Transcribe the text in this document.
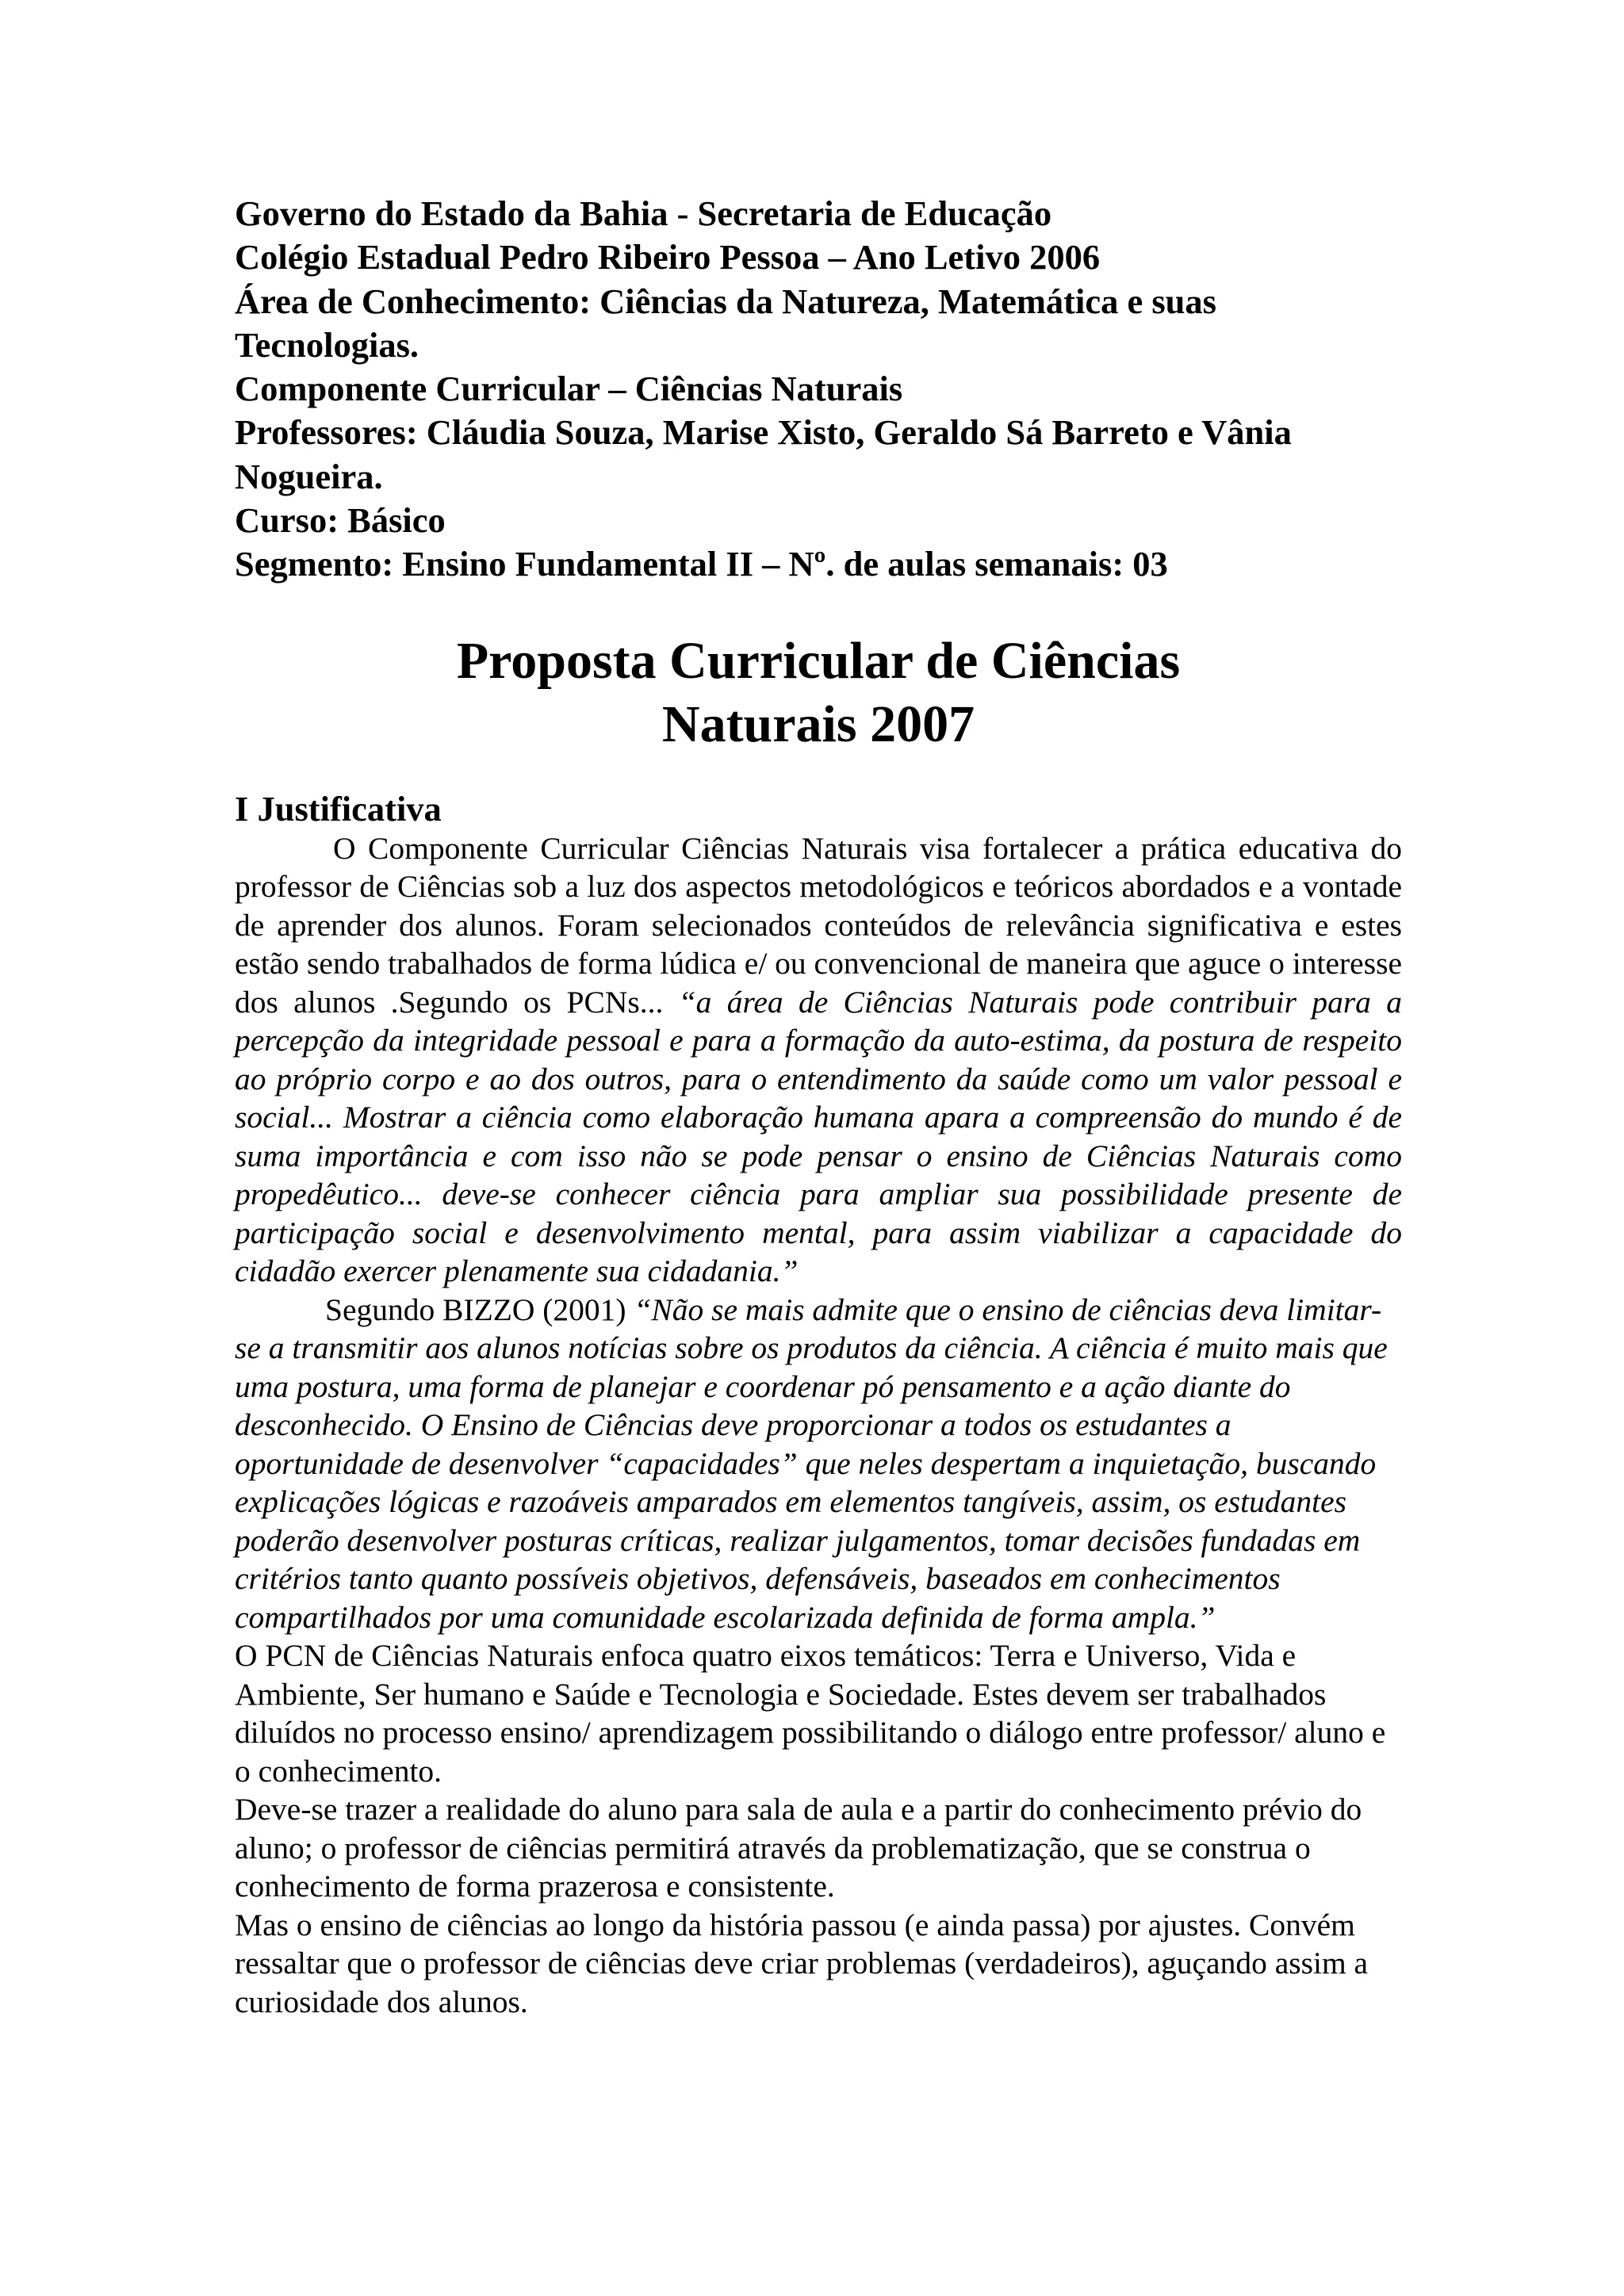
Governo do Estado da Bahia - Secretaria de Educação
Colégio Estadual Pedro Ribeiro Pessoa – Ano Letivo 2006
Área de Conhecimento: Ciências da Natureza, Matemática e suas
Tecnologias.
Componente Curricular – Ciências Naturais
Professores: Cláudia Souza, Marise Xisto, Geraldo Sá Barreto e Vânia
Nogueira.
Curso: Básico
Segmento: Ensino Fundamental II – Nº. de aulas semanais: 03
Proposta Curricular de Ciências
Naturais 2007
I Justificativa

O Componente Curricular Ciências Naturais visa fortalecer a prática educativa do professor de Ciências sob a luz dos aspectos metodológicos e teóricos abordados e a vontade de aprender dos alunos. Foram selecionados conteúdos de relevância significativa e estes estão sendo trabalhados de forma lúdica e/ ou convencional de maneira que aguce o interesse dos alunos .Segundo os PCNs... “a área de Ciências Naturais pode contribuir para a percepção da integridade pessoal e para a formação da auto-estima, da postura de respeito ao próprio corpo e ao dos outros, para o entendimento da saúde como um valor pessoal e social... Mostrar a ciência como elaboração humana apara a compreensão do mundo é de suma importância e com isso não se pode pensar o ensino de Ciências Naturais como propedêutico... deve-se conhecer ciência para ampliar sua possibilidade presente de participação social e desenvolvimento mental, para assim viabilizar a capacidade do cidadão exercer plenamente sua cidadania.”

Segundo BIZZO (2001) “Não se mais admite que o ensino de ciências deva limitar-se a transmitir aos alunos notícias sobre os produtos da ciência. A ciência é muito mais que uma postura, uma forma de planejar e coordenar pó pensamento e a ação diante do desconhecido. O Ensino de Ciências deve proporcionar a todos os estudantes a oportunidade de desenvolver “capacidades” que neles despertam a inquietação, buscando explicações lógicas e razoáveis amparados em elementos tangíveis, assim, os estudantes poderão desenvolver posturas críticas, realizar julgamentos, tomar decisões fundadas em critérios tanto quanto possíveis objetivos, defensáveis, baseados em conhecimentos compartilhados por uma comunidade escolarizada definida de forma ampla.”

O PCN de Ciências Naturais enfoca quatro eixos temáticos: Terra e Universo, Vida e Ambiente, Ser humano e Saúde e Tecnologia e Sociedade. Estes devem ser trabalhados diluídos no processo ensino/ aprendizagem possibilitando o diálogo entre professor/ aluno e o conhecimento.

Deve-se trazer a realidade do aluno para sala de aula e a partir do conhecimento prévio do aluno; o professor de ciências permitirá através da problematização, que se construa o conhecimento de forma prazerosa e consistente.

Mas o ensino de ciências ao longo da história passou (e ainda passa) por ajustes. Convém ressaltar que o professor de ciências deve criar problemas (verdadeiros), aguçando assim a curiosidade dos alunos.
